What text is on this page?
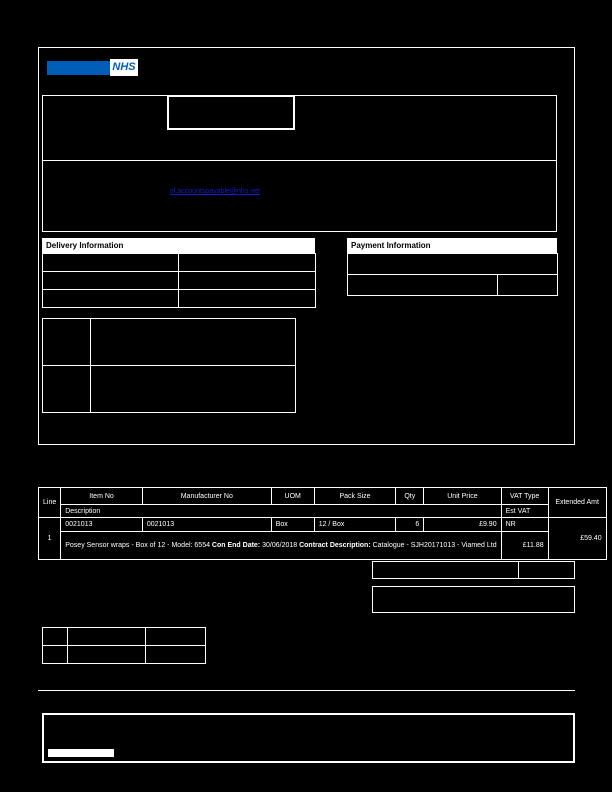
NHS
sf.accountspayable@nhs.net
Delivery Information

		Payment Information

Line	Item No	Manufacturer No	UOM	Pack Size	Qty	Unit Price	VAT Type	Extended Amt
	Description						Est VAT	
1	0021013	0021013	Box	12 / Box	6	£9.90	NR	£59.40
	Posey Sensor wraps - Box of 12 - Model: 6554 Con End Date: 30/06/2018 Contract Description: Catalogue - SJH20171013 - Viamed Ltd						£11.88	
